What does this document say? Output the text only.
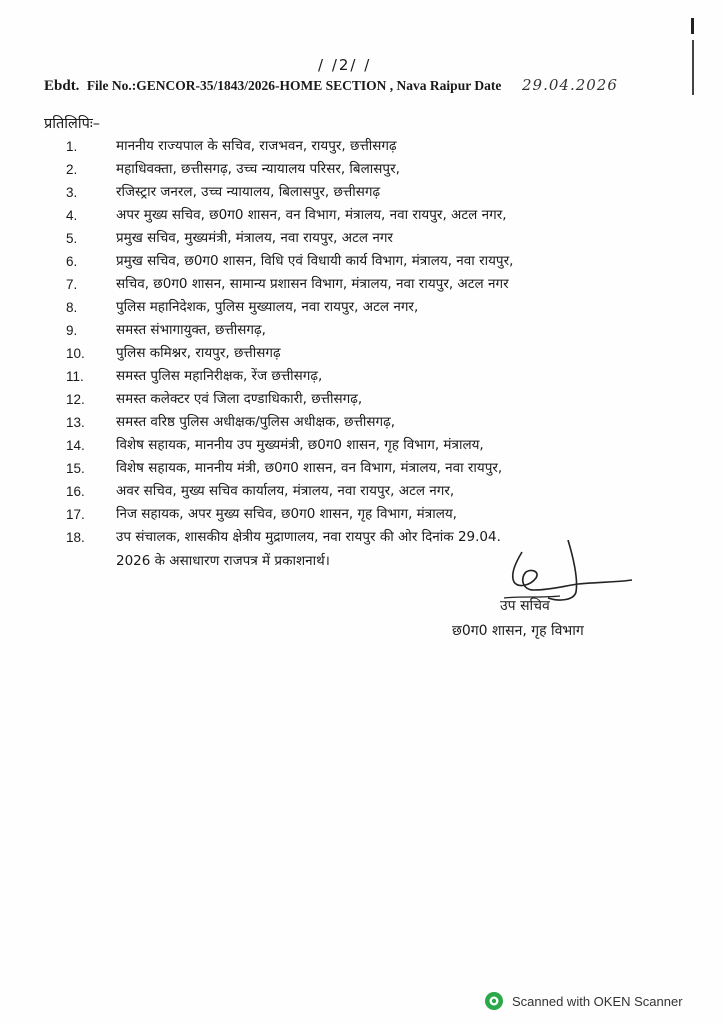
/ /2/ /
Ebdt. File No.:GENCOR-35/1843/2026-HOME SECTION , Nava Raipur Date 29.04.2026
प्रतिलिपिः–
1.	माननीय राज्यपाल के सचिव, राजभवन, रायपुर, छत्तीसगढ़
2.	महाधिवक्ता, छत्तीसगढ़, उच्च न्यायालय परिसर, बिलासपुर,
3.	रजिस्ट्रार जनरल, उच्च न्यायालय, बिलासपुर, छत्तीसगढ़
4.	अपर मुख्य सचिव, छ0ग0 शासन, वन विभाग, मंत्रालय, नवा रायपुर, अटल नगर,
5.	प्रमुख सचिव, मुख्यमंत्री, मंत्रालय, नवा रायपुर, अटल नगर
6.	प्रमुख सचिव, छ0ग0 शासन, विधि एवं विधायी कार्य विभाग, मंत्रालय, नवा रायपुर,
7.	सचिव, छ0ग0 शासन, सामान्य प्रशासन विभाग, मंत्रालय, नवा रायपुर, अटल नगर
8.	पुलिस महानिदेशक, पुलिस मुख्यालय, नवा रायपुर, अटल नगर,
9.	समस्त संभागायुक्त, छत्तीसगढ़,
10.	पुलिस कमिश्नर, रायपुर, छत्तीसगढ़
11.	समस्त पुलिस महानिरीक्षक, रेंज छत्तीसगढ़,
12.	समस्त कलेक्टर एवं जिला दण्डाधिकारी, छत्तीसगढ़,
13.	समस्त वरिष्ठ पुलिस अधीक्षक/पुलिस अधीक्षक, छत्तीसगढ़,
14.	विशेष सहायक, माननीय उप मुख्यमंत्री, छ0ग0 शासन, गृह विभाग, मंत्रालय,
15.	विशेष सहायक, माननीय मंत्री, छ0ग0 शासन, वन विभाग, मंत्रालय, नवा रायपुर,
16.	अवर सचिव, मुख्य सचिव कार्यालय, मंत्रालय, नवा रायपुर, अटल नगर,
17.	निज सहायक, अपर मुख्य सचिव, छ0ग0 शासन, गृह विभाग, मंत्रालय,
18.	उप संचालक, शासकीय क्षेत्रीय मुद्राणालय, नवा रायपुर की ओर दिनांक 29.04.
2026 के असाधारण राजपत्र में प्रकाशनार्थ।
उप सचिव
छ0ग0 शासन, गृह विभाग
Scanned with OKEN Scanner
